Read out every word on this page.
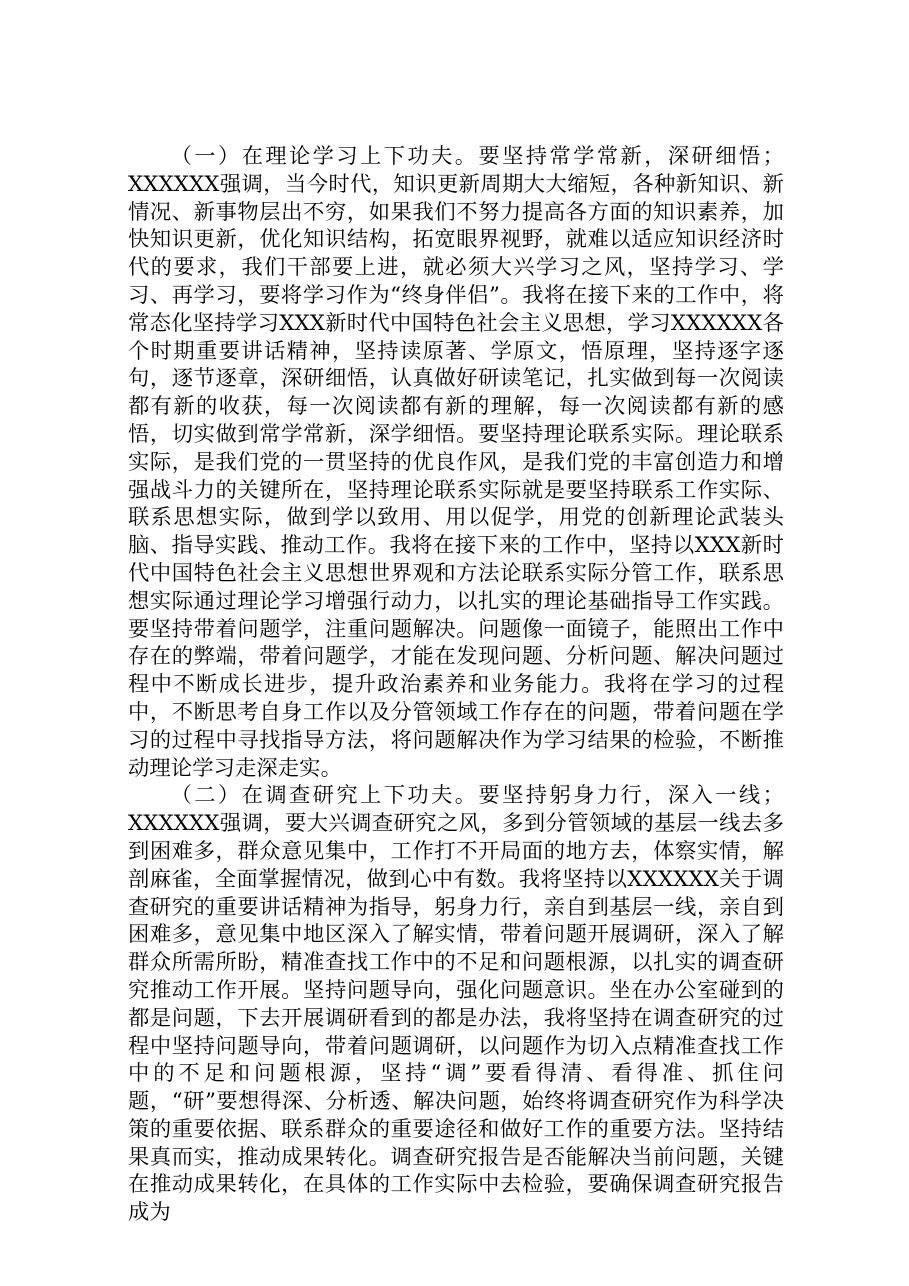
（一）在理论学习上下功夫。要坚持常学常新，深研细悟；XXXXXX强调，当今时代，知识更新周期大大缩短，各种新知识、新情况、新事物层出不穷，如果我们不努力提高各方面的知识素养，加快知识更新，优化知识结构，拓宽眼界视野，就难以适应知识经济时代的要求，我们干部要上进，就必须大兴学习之风，坚持学习、学习、再学习，要将学习作为“终身伴侣”。我将在接下来的工作中，将常态化坚持学习XXX新时代中国特色社会主义思想，学习XXXXXX各个时期重要讲话精神，坚持读原著、学原文，悟原理，坚持逐字逐句，逐节逐章，深研细悟，认真做好研读笔记，扎实做到每一次阅读都有新的收获，每一次阅读都有新的理解，每一次阅读都有新的感悟，切实做到常学常新，深学细悟。要坚持理论联系实际。理论联系实际，是我们党的一贯坚持的优良作风，是我们党的丰富创造力和增强战斗力的关键所在，坚持理论联系实际就是要坚持联系工作实际、联系思想实际，做到学以致用、用以促学，用党的创新理论武装头脑、指导实践、推动工作。我将在接下来的工作中，坚持以XXX新时代中国特色社会主义思想世界观和方法论联系实际分管工作，联系思想实际通过理论学习增强行动力，以扎实的理论基础指导工作实践。要坚持带着问题学，注重问题解决。问题像一面镜子，能照出工作中存在的弊端，带着问题学，才能在发现问题、分析问题、解决问题过程中不断成长进步，提升政治素养和业务能力。我将在学习的过程中，不断思考自身工作以及分管领域工作存在的问题，带着问题在学习的过程中寻找指导方法，将问题解决作为学习结果的检验，不断推动理论学习走深走实。

（二）在调查研究上下功夫。要坚持躬身力行，深入一线；XXXXXX强调，要大兴调查研究之风，多到分管领域的基层一线去多到困难多，群众意见集中，工作打不开局面的地方去，体察实情，解剖麻雀，全面掌握情况，做到心中有数。我将坚持以XXXXXX关于调查研究的重要讲话精神为指导，躬身力行，亲自到基层一线，亲自到困难多，意见集中地区深入了解实情，带着问题开展调研，深入了解群众所需所盼，精准查找工作中的不足和问题根源，以扎实的调查研究推动工作开展。坚持问题导向，强化问题意识。坐在办公室碰到的都是问题，下去开展调研看到的都是办法，我将坚持在调查研究的过程中坚持问题导向，带着问题调研，以问题作为切入点精准查找工作中的不足和问题根源，坚持“调”要看得清、看得准、抓住问题，“研”要想得深、分析透、解决问题，始终将调查研究作为科学决策的重要依据、联系群众的重要途径和做好工作的重要方法。坚持结果真而实，推动成果转化。调查研究报告是否能解决当前问题，关键在推动成果转化，在具体的工作实际中去检验，要确保调查研究报告成为
